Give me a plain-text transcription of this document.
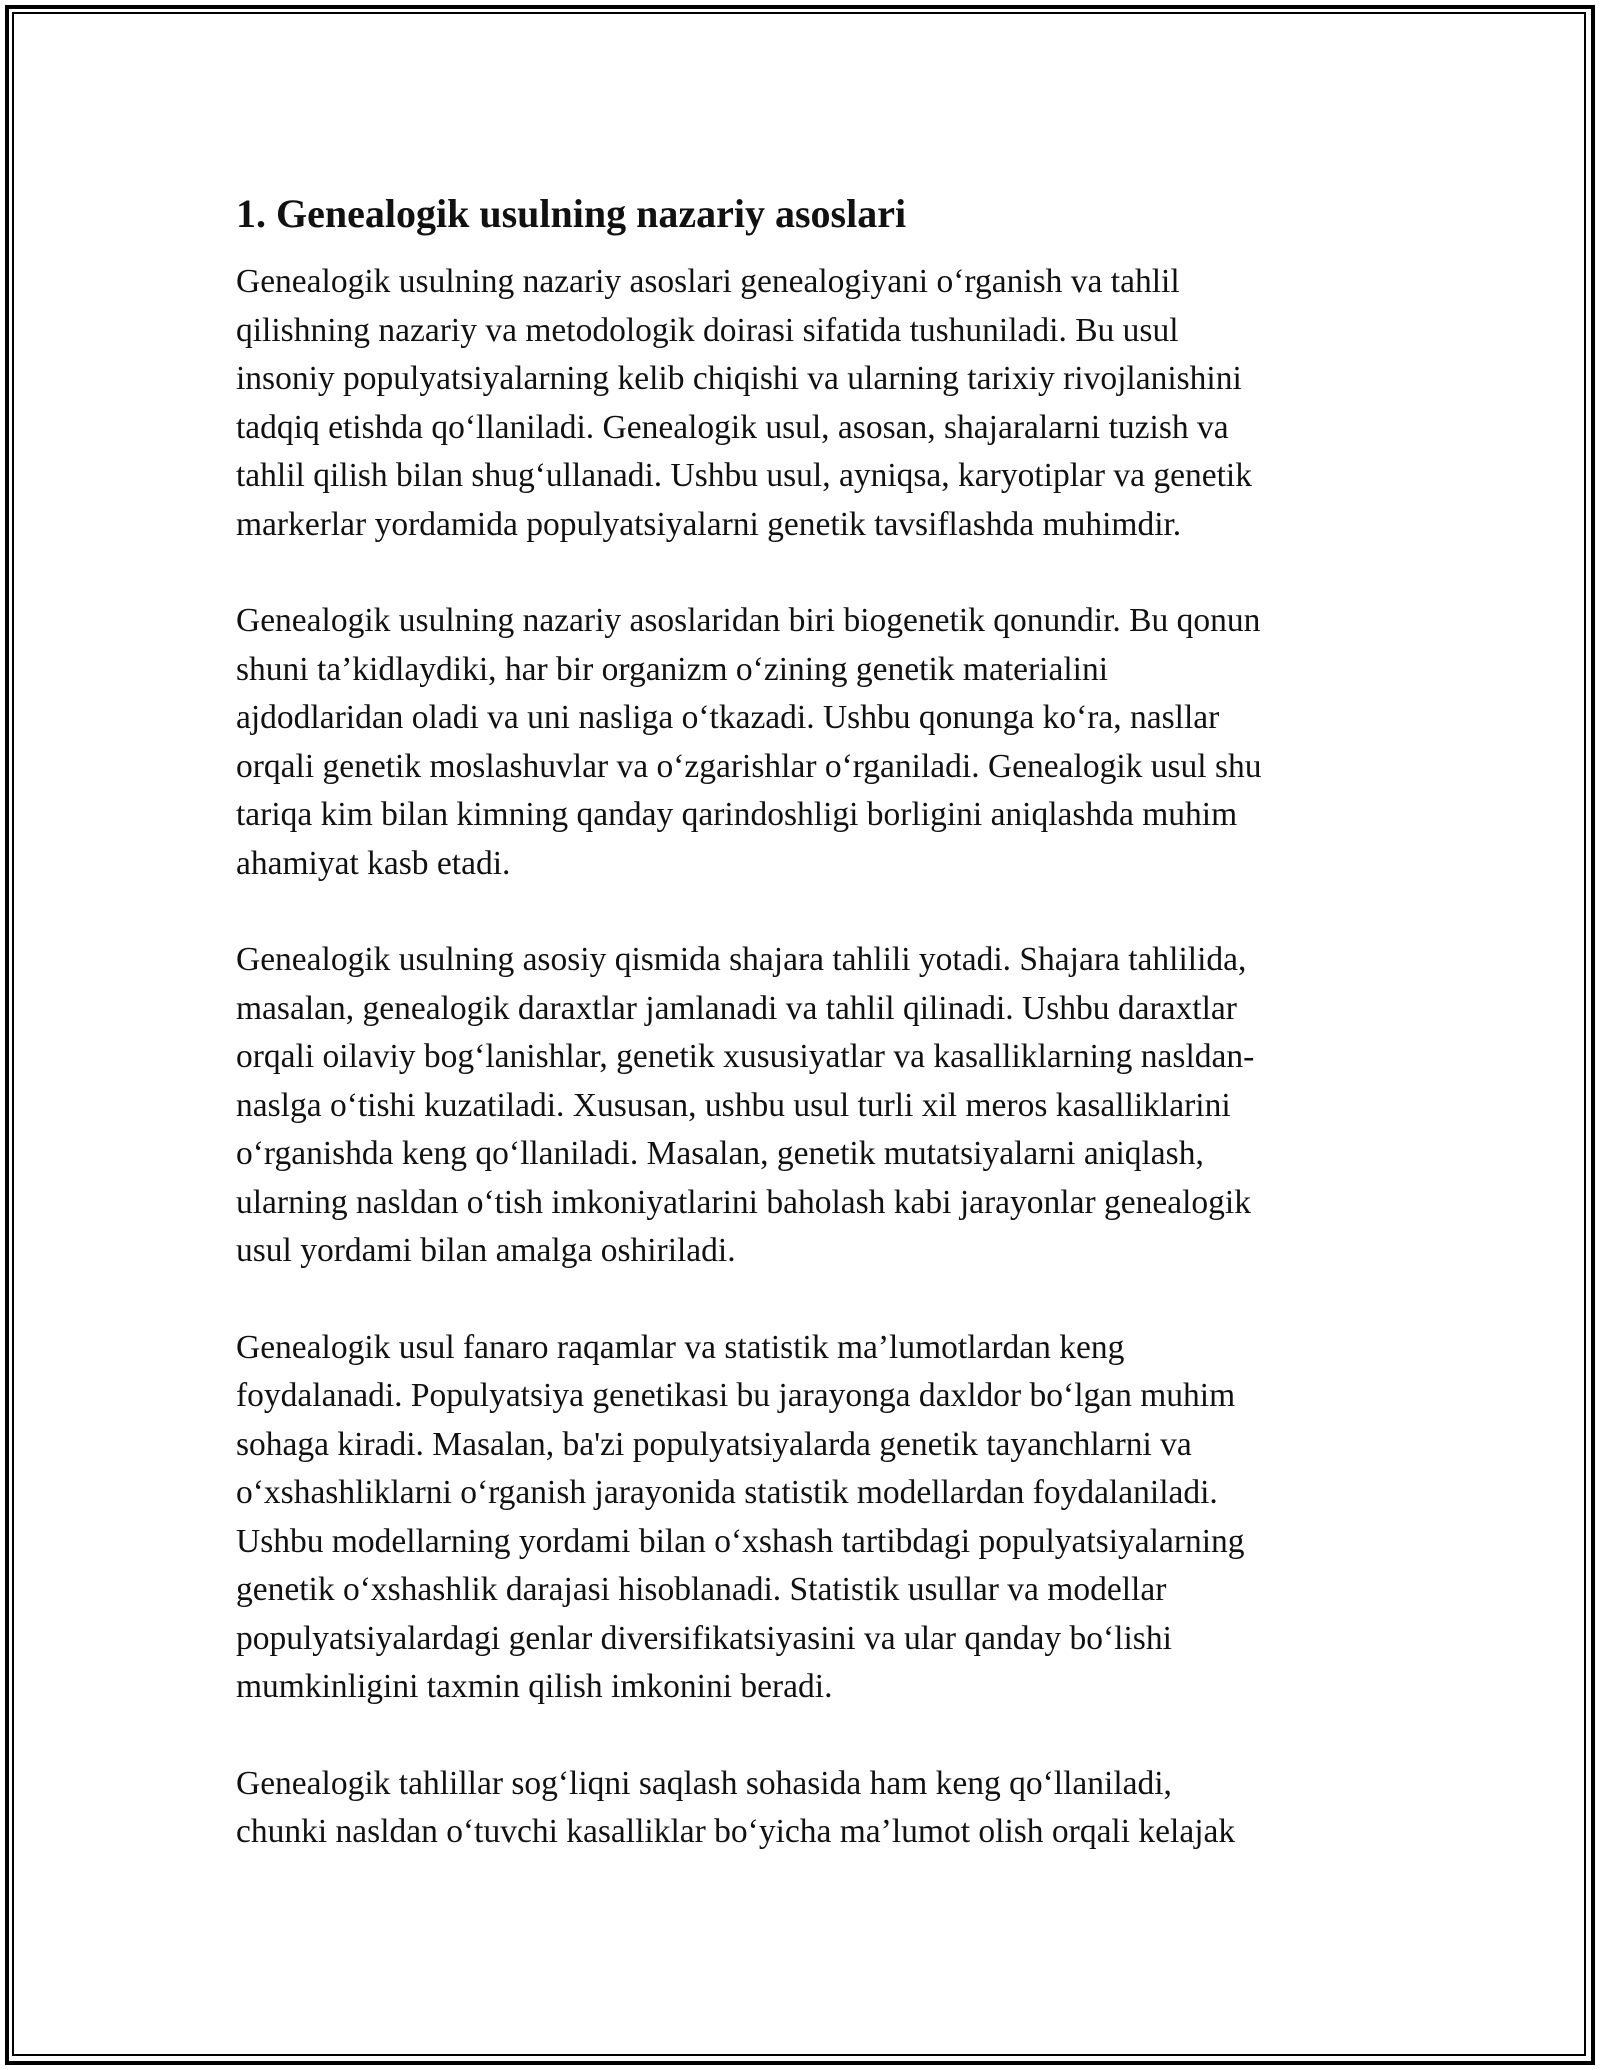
1. Genealogik usulning nazariy asoslari

Genealogik usulning nazariy asoslari genealogiyani o‘rganish va tahlil
qilishning nazariy va metodologik doirasi sifatida tushuniladi. Bu usul
insoniy populyatsiyalarning kelib chiqishi va ularning tarixiy rivojlanishini
tadqiq etishda qo‘llaniladi. Genealogik usul, asosan, shajaralarni tuzish va
tahlil qilish bilan shug‘ullanadi. Ushbu usul, ayniqsa, karyotiplar va genetik
markerlar yordamida populyatsiyalarni genetik tavsiflashda muhimdir.

Genealogik usulning nazariy asoslaridan biri biogenetik qonundir. Bu qonun
shuni ta’kidlaydiki, har bir organizm o‘zining genetik materialini
ajdodlaridan oladi va uni nasliga o‘tkazadi. Ushbu qonunga ko‘ra, nasllar
orqali genetik moslashuvlar va o‘zgarishlar o‘rganiladi. Genealogik usul shu
tariqa kim bilan kimning qanday qarindoshligi borligini aniqlashda muhim
ahamiyat kasb etadi.

Genealogik usulning asosiy qismida shajara tahlili yotadi. Shajara tahlilida,
masalan, genealogik daraxtlar jamlanadi va tahlil qilinadi. Ushbu daraxtlar
orqali oilaviy bog‘lanishlar, genetik xususiyatlar va kasalliklarning nasldan-
naslga o‘tishi kuzatiladi. Xususan, ushbu usul turli xil meros kasalliklarini
o‘rganishda keng qo‘llaniladi. Masalan, genetik mutatsiyalarni aniqlash,
ularning nasldan o‘tish imkoniyatlarini baholash kabi jarayonlar genealogik
usul yordami bilan amalga oshiriladi.

Genealogik usul fanaro raqamlar va statistik ma’lumotlardan keng
foydalanadi. Populyatsiya genetikasi bu jarayonga daxldor bo‘lgan muhim
sohaga kiradi. Masalan, ba'zi populyatsiyalarda genetik tayanchlarni va
o‘xshashliklarni o‘rganish jarayonida statistik modellardan foydalaniladi.
Ushbu modellarning yordami bilan o‘xshash tartibdagi populyatsiyalarning
genetik o‘xshashlik darajasi hisoblanadi. Statistik usullar va modellar
populyatsiyalardagi genlar diversifikatsiyasini va ular qanday bo‘lishi
mumkinligini taxmin qilish imkonini beradi.

Genealogik tahlillar sog‘liqni saqlash sohasida ham keng qo‘llaniladi,
chunki nasldan o‘tuvchi kasalliklar bo‘yicha ma’lumot olish orqali kelajak
